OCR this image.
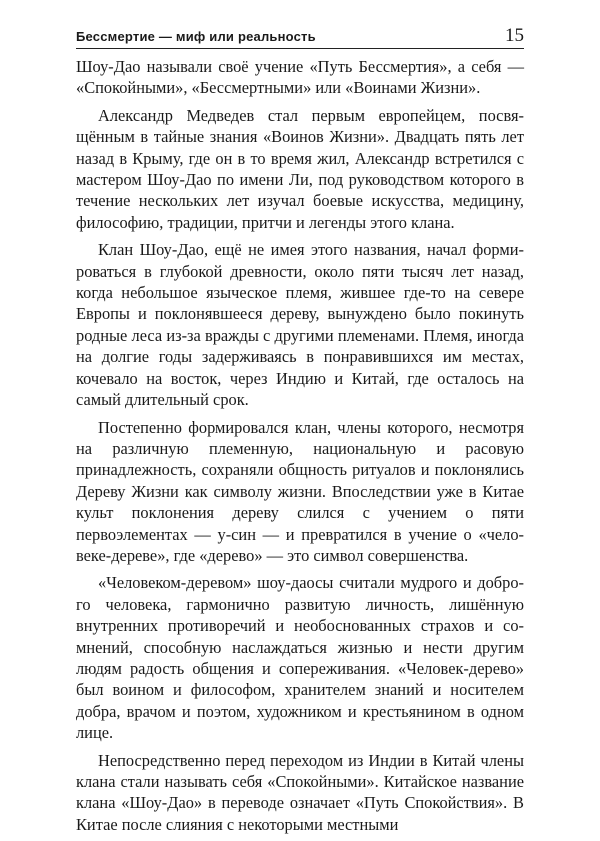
Бессмертие — миф или реальность	15

Шоу-Дао называли своё учение «Путь Бессмертия», а себя — «Спокойными», «Бессмертными» или «Воинами Жизни».

Александр Медведев стал первым европейцем, посвящённым в тайные знания «Воинов Жизни». Двадцать пять лет назад в Крыму, где он в то время жил, Александр встретился с мастером Шоу-Дао по имени Ли, под руководством которого в течение нескольких лет изучал боевые искусства, медицину, философию, традиции, притчи и легенды этого клана.

Клан Шоу-Дао, ещё не имея этого названия, начал формироваться в глубокой древности, около пяти тысяч лет назад, когда небольшое языческое племя, жившее где-то на севере Европы и поклонявшееся дереву, вынуждено было покинуть родные леса из-за вражды с другими племенами. Племя, иногда на долгие годы задерживаясь в понравившихся им местах, кочевало на восток, через Индию и Китай, где осталось на самый длительный срок.

Постепенно формировался клан, члены которого, несмотря на различную племенную, национальную и расовую принадлежность, сохраняли общность ритуалов и поклонялись Дереву Жизни как символу жизни. Впоследствии уже в Китае культ поклонения дереву слился с учением о пяти первоэлементах — у-син — и превратился в учение о «человеке-дереве», где «дерево» — это символ совершенства.

«Человеком-деревом» шоу-даосы считали мудрого и доброго человека, гармонично развитую личность, лишённую внутренних противоречий и необоснованных страхов и сомнений, способную наслаждаться жизнью и нести другим людям радость общения и сопереживания. «Человек-дерево» был воином и философом, хранителем знаний и носителем добра, врачом и поэтом, художником и крестьянином в одном лице.

Непосредственно перед переходом из Индии в Китай члены клана стали называть себя «Спокойными». Китайское название клана «Шоу-Дао» в переводе означает «Путь Спокойствия». В Китае после слияния с некоторыми местными
